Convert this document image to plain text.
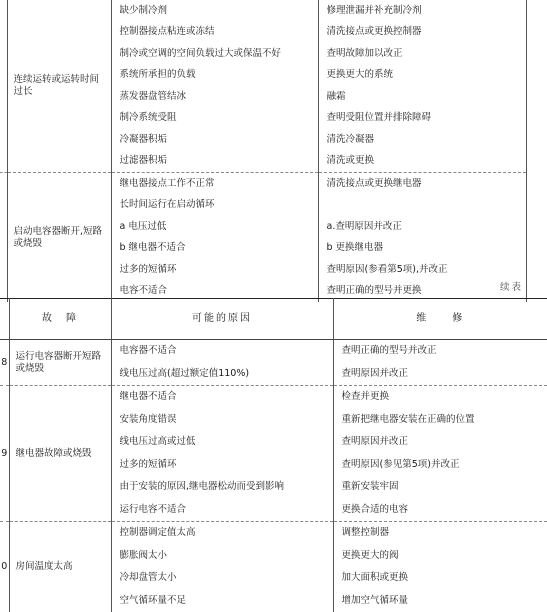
	连续运转或运转时间过长	缺少制冷剂	修理泄漏并补充制冷剂	
		控制器接点粘连或冻结	清洗接点或更换控制器	
		制冷或空调的空间负载过大或保温不好	查明故障加以改正	
		系统所承担的负载	更换更大的系统	
		蒸发器盘管结冰	融霜	
		制冷系统受阻	查明受阻位置并排除障碍	
		冷凝器积垢	清洗冷凝器	
		过滤器积垢	清洗或更换	
	启动电容器断开,短路或烧毁	继电器接点工作不正常	清洗接点或更换继电器	
		长时间运行在启动循环		
		a 电压过低	a.查明原因并改正	
		b 继电器不适合	b 更换继电器	
		过多的短循环	查明原因(参看第5项),并改正	
		电容不适合	查明正确的型号并更换		续表
	故　障	可能的原因	维　　修
8	运行电容器断开短路或烧毁	电容器不适合	查明正确的型号并改正
		线电压过高(超过额定值110%)	查明原因并改正
9	继电器故障或烧毁	继电器不适合	检查并更换
		安装角度错误	重新把继电器安装在正确的位置
		线电压过高或过低	查明原因并改正
		过多的短循环	查明原因(参见第5项)并改正
		由于安装的原因,继电器松动而受到影响	重新安装牢固
		运行电容不适合	更换合适的电容
0	房间温度太高	控制器调定值太高	调整控制器
		膨胀阀太小	更换更大的阀
		冷却盘管太小	加大面积或更换
		空气循环量不足	增加空气循环量
